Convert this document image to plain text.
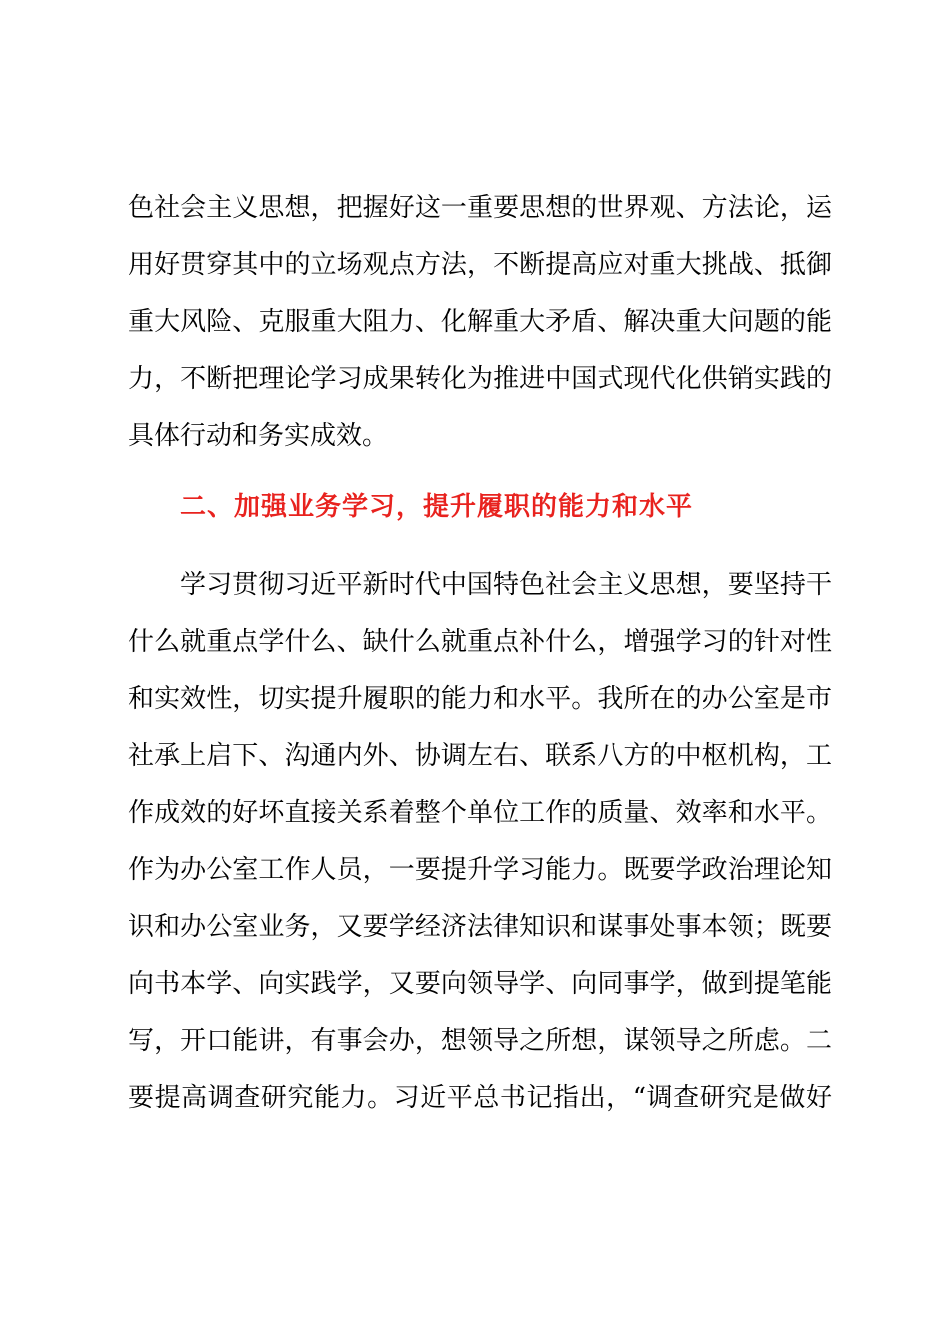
色社会主义思想，把握好这一重要思想的世界观、方法论，运
用好贯穿其中的立场观点方法，不断提高应对重大挑战、抵御
重大风险、克服重大阻力、化解重大矛盾、解决重大问题的能
力，不断把理论学习成果转化为推进中国式现代化供销实践的
具体行动和务实成效。
二、加强业务学习，提升履职的能力和水平
学习贯彻习近平新时代中国特色社会主义思想，要坚持干
什么就重点学什么、缺什么就重点补什么，增强学习的针对性
和实效性，切实提升履职的能力和水平。我所在的办公室是市
社承上启下、沟通内外、协调左右、联系八方的中枢机构，工
作成效的好坏直接关系着整个单位工作的质量、效率和水平。
作为办公室工作人员，一要提升学习能力。既要学政治理论知
识和办公室业务，又要学经济法律知识和谋事处事本领；既要
向书本学、向实践学，又要向领导学、向同事学，做到提笔能
写，开口能讲，有事会办，想领导之所想，谋领导之所虑。二
要提高调查研究能力。习近平总书记指出，“调查研究是做好
